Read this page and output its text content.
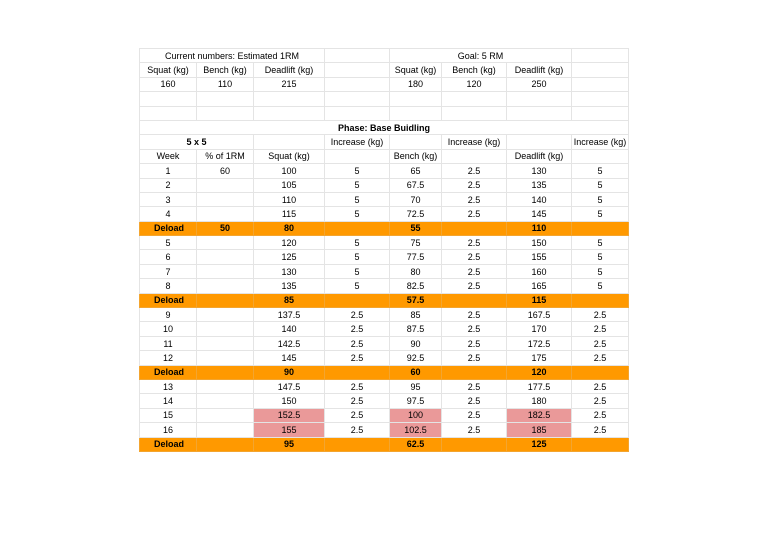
Current numbers: Estimated 1RM				Goal: 5 RM			
Squat (kg)	Bench (kg)	Deadlift (kg)		Squat (kg)	Bench (kg)	Deadlift (kg)	
160	110	215		180	120	250	

Phase: Base Buidling							
5 x 5			Increase (kg)		Increase (kg)		Increase (kg)
Week	% of 1RM	Squat (kg)		Bench (kg)		Deadlift (kg)	
1	60	100	5	65	2.5	130	5
2		105	5	67.5	2.5	135	5
3		110	5	70	2.5	140	5
4		115	5	72.5	2.5	145	5
Deload	50	80		55		110	
5		120	5	75	2.5	150	5
6		125	5	77.5	2.5	155	5
7		130	5	80	2.5	160	5
8		135	5	82.5	2.5	165	5
Deload		85		57.5		115	
9		137.5	2.5	85	2.5	167.5	2.5
10		140	2.5	87.5	2.5	170	2.5
11		142.5	2.5	90	2.5	172.5	2.5
12		145	2.5	92.5	2.5	175	2.5
Deload		90		60		120	
13		147.5	2.5	95	2.5	177.5	2.5
14		150	2.5	97.5	2.5	180	2.5
15		152.5	2.5	100	2.5	182.5	2.5
16		155	2.5	102.5	2.5	185	2.5
Deload		95		62.5		125	
